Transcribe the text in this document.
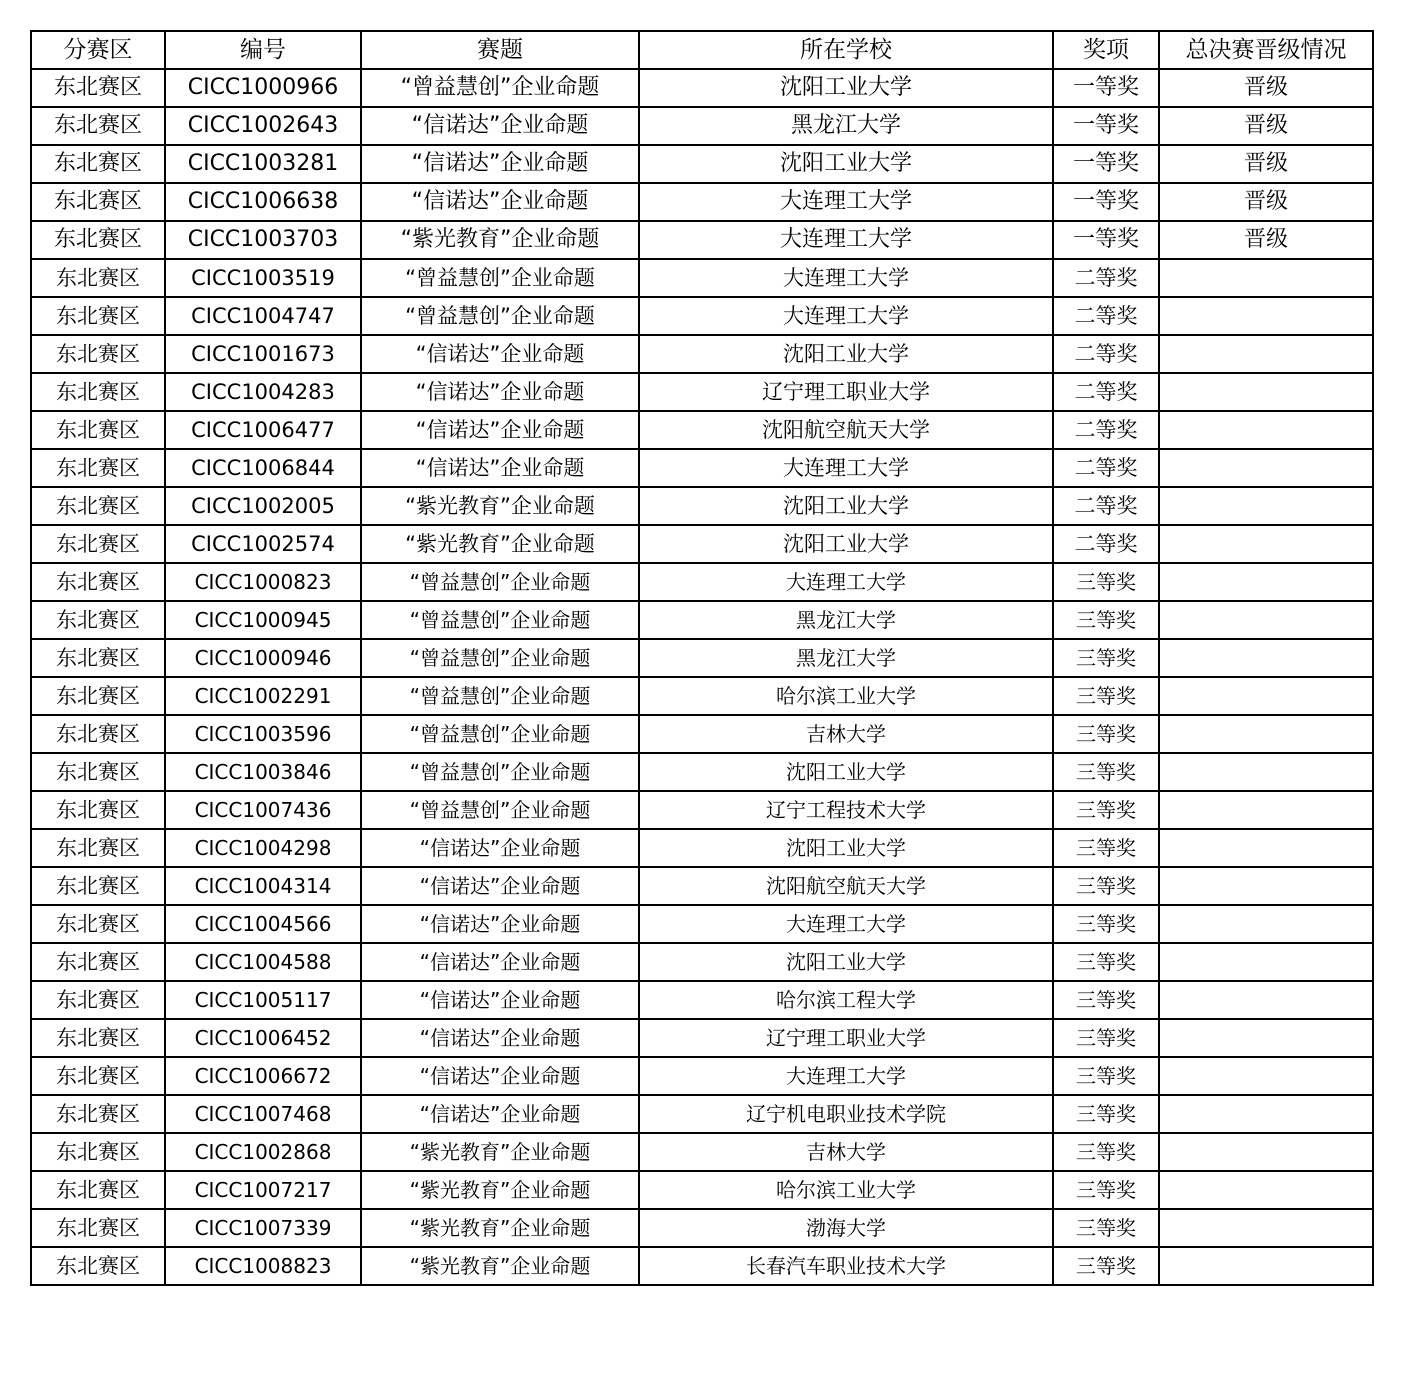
分赛区	编号	赛题	所在学校	奖项	总决赛晋级情况
东北赛区	CICC1000966	“曾益慧创”企业命题	沈阳工业大学	一等奖	晋级
东北赛区	CICC1002643	“信诺达”企业命题	黑龙江大学	一等奖	晋级
东北赛区	CICC1003281	“信诺达”企业命题	沈阳工业大学	一等奖	晋级
东北赛区	CICC1006638	“信诺达”企业命题	大连理工大学	一等奖	晋级
东北赛区	CICC1003703	“紫光教育”企业命题	大连理工大学	一等奖	晋级
东北赛区	CICC1003519	“曾益慧创”企业命题	大连理工大学	二等奖	
东北赛区	CICC1004747	“曾益慧创”企业命题	大连理工大学	二等奖	
东北赛区	CICC1001673	“信诺达”企业命题	沈阳工业大学	二等奖	
东北赛区	CICC1004283	“信诺达”企业命题	辽宁理工职业大学	二等奖	
东北赛区	CICC1006477	“信诺达”企业命题	沈阳航空航天大学	二等奖	
东北赛区	CICC1006844	“信诺达”企业命题	大连理工大学	二等奖	
东北赛区	CICC1002005	“紫光教育”企业命题	沈阳工业大学	二等奖	
东北赛区	CICC1002574	“紫光教育”企业命题	沈阳工业大学	二等奖	
东北赛区	CICC1000823	“曾益慧创”企业命题	大连理工大学	三等奖	
东北赛区	CICC1000945	“曾益慧创”企业命题	黑龙江大学	三等奖	
东北赛区	CICC1000946	“曾益慧创”企业命题	黑龙江大学	三等奖	
东北赛区	CICC1002291	“曾益慧创”企业命题	哈尔滨工业大学	三等奖	
东北赛区	CICC1003596	“曾益慧创”企业命题	吉林大学	三等奖	
东北赛区	CICC1003846	“曾益慧创”企业命题	沈阳工业大学	三等奖	
东北赛区	CICC1007436	“曾益慧创”企业命题	辽宁工程技术大学	三等奖	
东北赛区	CICC1004298	“信诺达”企业命题	沈阳工业大学	三等奖	
东北赛区	CICC1004314	“信诺达”企业命题	沈阳航空航天大学	三等奖	
东北赛区	CICC1004566	“信诺达”企业命题	大连理工大学	三等奖	
东北赛区	CICC1004588	“信诺达”企业命题	沈阳工业大学	三等奖	
东北赛区	CICC1005117	“信诺达”企业命题	哈尔滨工程大学	三等奖	
东北赛区	CICC1006452	“信诺达”企业命题	辽宁理工职业大学	三等奖	
东北赛区	CICC1006672	“信诺达”企业命题	大连理工大学	三等奖	
东北赛区	CICC1007468	“信诺达”企业命题	辽宁机电职业技术学院	三等奖	
东北赛区	CICC1002868	“紫光教育”企业命题	吉林大学	三等奖	
东北赛区	CICC1007217	“紫光教育”企业命题	哈尔滨工业大学	三等奖	
东北赛区	CICC1007339	“紫光教育”企业命题	渤海大学	三等奖	
东北赛区	CICC1008823	“紫光教育”企业命题	长春汽车职业技术大学	三等奖	
